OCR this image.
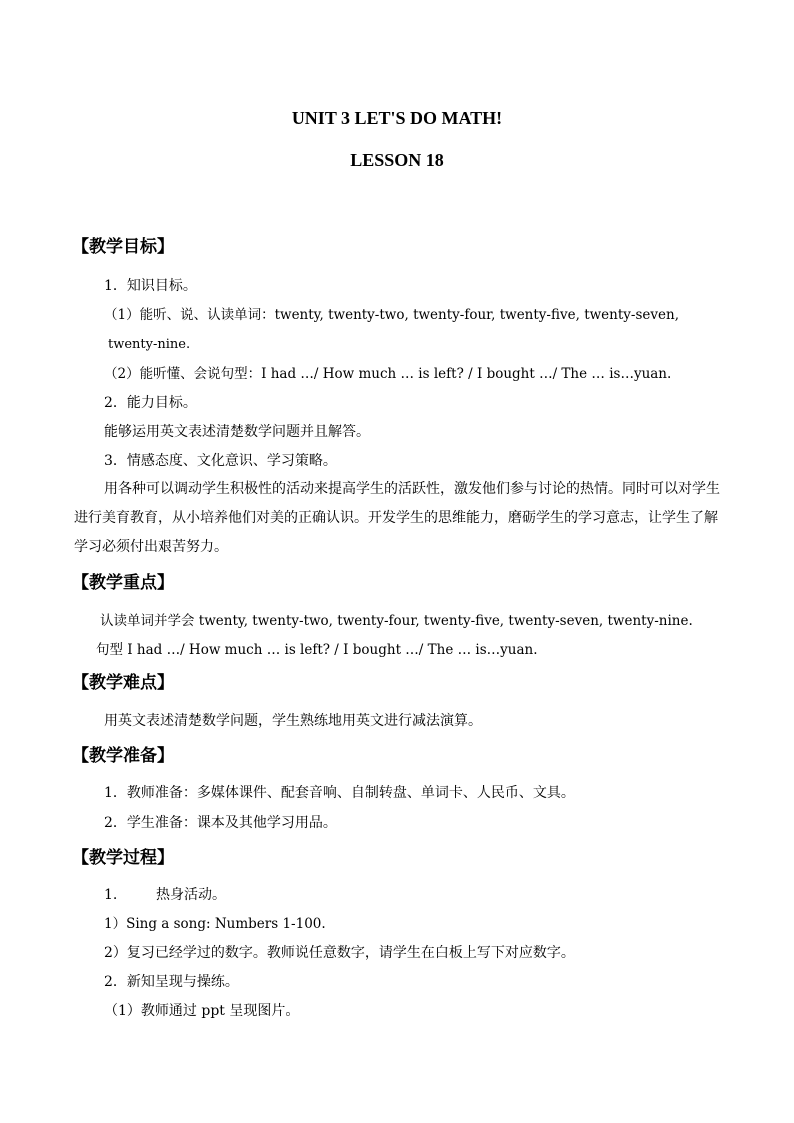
UNIT 3 LET'S DO MATH!
LESSON 18
【教学目标】
1．知识目标。
（1）能听、说、认读单词：twenty, twenty-two, twenty-four, twenty-five, twenty-seven,
twenty-nine.
（2）能听懂、会说句型：I had …/ How much … is left? / I bought …/ The … is…yuan.
2．能力目标。
能够运用英文表述清楚数学问题并且解答。
3．情感态度、文化意识、学习策略。
用各种可以调动学生积极性的活动来提高学生的活跃性，激发他们参与讨论的热情。同时可以对学生进行美育教育，从小培养他们对美的正确认识。开发学生的思维能力，磨砺学生的学习意志，让学生了解学习必须付出艰苦努力。
【教学重点】
认读单词并学会 twenty, twenty-two, twenty-four, twenty-five, twenty-seven, twenty-nine.
句型 I had …/ How much … is left? / I bought …/ The … is…yuan.
【教学难点】
用英文表述清楚数学问题，学生熟练地用英文进行减法演算。
【教学准备】
1．教师准备：多媒体课件、配套音响、自制转盘、单词卡、人民币、文具。
2．学生准备：课本及其他学习用品。
【教学过程】
1.	热身活动。
1）Sing a song: Numbers 1-100.
2）复习已经学过的数字。教师说任意数字，请学生在白板上写下对应数字。
2．新知呈现与操练。
（1）教师通过 ppt 呈现图片。
